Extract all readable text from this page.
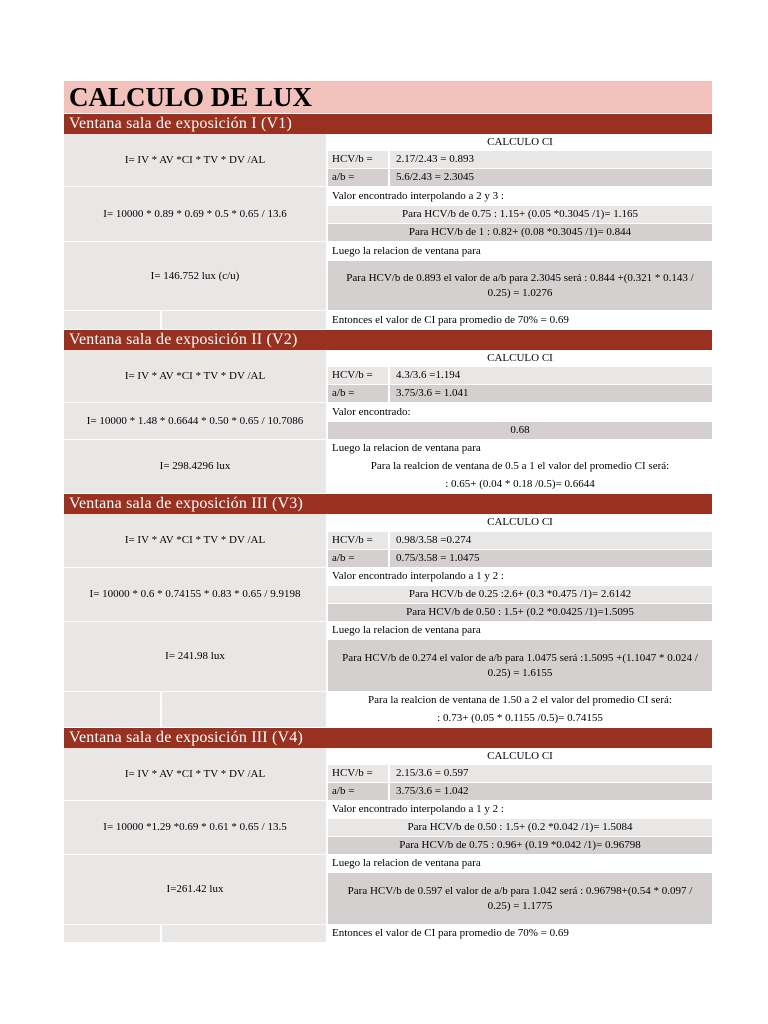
CALCULO DE LUX
Ventana sala de exposición I (V1)
I= IV * AV *CI * TV * DV /AL
I= 10000 * 0.89 * 0.69 * 0.5 * 0.65 / 13.6
I= 146.752 lux (c/u)
CALCULO CI
HCV/b =	2.17/2.43 = 0.893
a/b =	5.6/2.43 = 2.3045
Valor encontrado interpolando a 2 y 3 :
Para HCV/b de 0.75 : 1.15+ (0.05 *0.3045 /1)= 1.165
Para HCV/b de 1 : 0.82+ (0.08 *0.3045 /1)= 0.844
Luego la relacion de ventana para
Para HCV/b de 0.893 el valor de a/b para 2.3045 será : 0.844 +(0.321 * 0.143 / 0.25) = 1.0276
Entonces el valor de CI para promedio de 70% = 0.69
Ventana sala de exposición II (V2)
I= IV * AV *CI * TV * DV /AL
I= 10000 * 1.48 * 0.6644 * 0.50 * 0.65 / 10.7086
I= 298.4296 lux
CALCULO CI
HCV/b =	4.3/3.6 =1.194
a/b =	3.75/3.6 = 1.041
Valor encontrado:
0.68
Luego la relacion de ventana para
Para la realcion de ventana de 0.5 a 1 el valor del promedio CI será:
: 0.65+ (0.04 * 0.18 /0.5)= 0.6644
Ventana sala de exposición III (V3)
I= IV * AV *CI * TV * DV /AL
I= 10000 * 0.6 * 0.74155 * 0.83 * 0.65 / 9.9198
I= 241.98 lux
CALCULO CI
HCV/b =	0.98/3.58 =0.274
a/b =	0.75/3.58 = 1.0475
Valor encontrado interpolando a 1 y 2 :
Para HCV/b de 0.25 :2.6+ (0.3 *0.475 /1)= 2.6142
Para HCV/b de 0.50 : 1.5+ (0.2 *0.0425 /1)=1.5095
Luego la relacion de ventana para
Para HCV/b de 0.274 el valor de a/b para 1.0475 será :1.5095 +(1.1047 * 0.024 / 0.25) = 1.6155
Para la realcion de ventana de 1.50 a 2 el valor del promedio CI será:
: 0.73+ (0.05 * 0.1155 /0.5)= 0.74155
Ventana sala de exposición III (V4)
I= IV * AV *CI * TV * DV /AL
I= 10000 *1.29 *0.69 * 0.61 * 0.65 / 13.5
I=261.42 lux
CALCULO CI
HCV/b =	2.15/3.6 = 0.597
a/b =	3.75/3.6 = 1.042
Valor encontrado interpolando a 1 y 2 :
Para HCV/b de 0.50 : 1.5+ (0.2 *0.042 /1)= 1.5084
Para HCV/b de 0.75 : 0.96+ (0.19 *0.042 /1)= 0.96798
Luego la relacion de ventana para
Para HCV/b de 0.597 el valor de a/b para 1.042 será : 0.96798+(0.54 * 0.097 / 0.25) = 1.1775
Entonces el valor de CI para promedio de 70% = 0.69
